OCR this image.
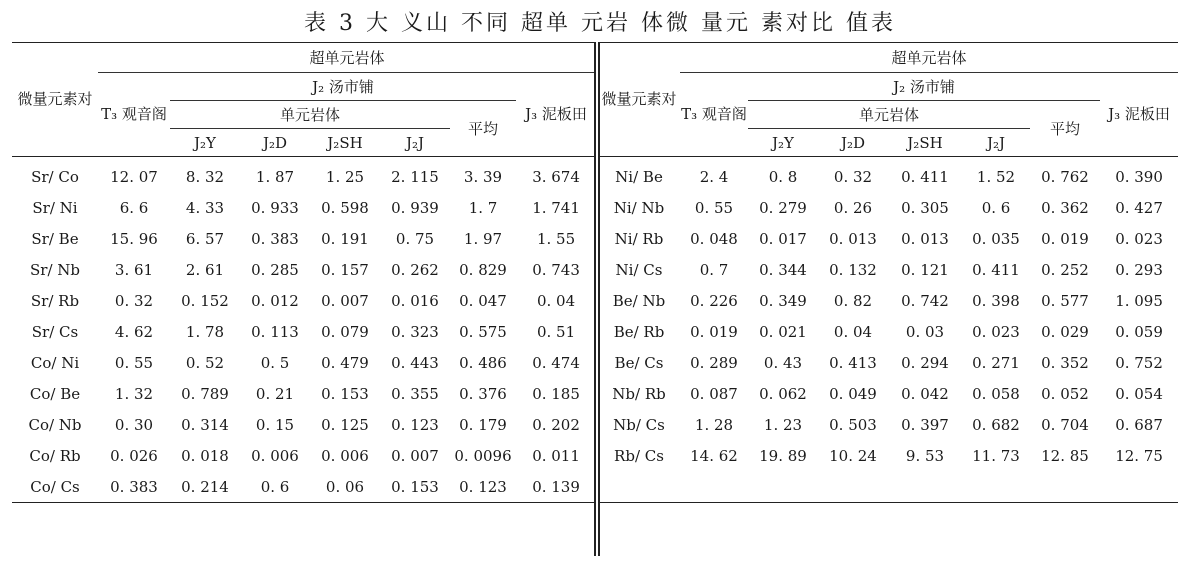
表 3 大 义山 不同 超单 元岩 体微 量元 素对比 值表
微量元素对	超单元岩体						
	T₃ 观音阁	J₂ 汤市铺					J₃ 泥板田
		单元岩体				平均	
		J₂Y	J₂D	J₂SH	J₂J		
Sr/ Co	12. 07	8. 32	1. 87	1. 25	2. 115	3. 39	3. 674
Sr/ Ni	6. 6	4. 33	0. 933	0. 598	0. 939	1. 7	1. 741
Sr/ Be	15. 96	6. 57	0. 383	0. 191	0. 75	1. 97	1. 55
Sr/ Nb	3. 61	2. 61	0. 285	0. 157	0. 262	0. 829	0. 743
Sr/ Rb	0. 32	0. 152	0. 012	0. 007	0. 016	0. 047	0. 04
Sr/ Cs	4. 62	1. 78	0. 113	0. 079	0. 323	0. 575	0. 51
Co/ Ni	0. 55	0. 52	0. 5	0. 479	0. 443	0. 486	0. 474
Co/ Be	1. 32	0. 789	0. 21	0. 153	0. 355	0. 376	0. 185
Co/ Nb	0. 30	0. 314	0. 15	0. 125	0. 123	0. 179	0. 202
Co/ Rb	0. 026	0. 018	0. 006	0. 006	0. 007	0. 0096	0. 011
Co/ Cs	0. 383	0. 214	0. 6	0. 06	0. 153	0. 123	0. 139
微量元素对	超单元岩体						
	T₃ 观音阁	J₂ 汤市铺					J₃ 泥板田
		单元岩体				平均	
		J₂Y	J₂D	J₂SH	J₂J		
Ni/ Be	2. 4	0. 8	0. 32	0. 411	1. 52	0. 762	0. 390
Ni/ Nb	0. 55	0. 279	0. 26	0. 305	0. 6	0. 362	0. 427
Ni/ Rb	0. 048	0. 017	0. 013	0. 013	0. 035	0. 019	0. 023
Ni/ Cs	0. 7	0. 344	0. 132	0. 121	0. 411	0. 252	0. 293
Be/ Nb	0. 226	0. 349	0. 82	0. 742	0. 398	0. 577	1. 095
Be/ Rb	0. 019	0. 021	0. 04	0. 03	0. 023	0. 029	0. 059
Be/ Cs	0. 289	0. 43	0. 413	0. 294	0. 271	0. 352	0. 752
Nb/ Rb	0. 087	0. 062	0. 049	0. 042	0. 058	0. 052	0. 054
Nb/ Cs	1. 28	1. 23	0. 503	0. 397	0. 682	0. 704	0. 687
Rb/ Cs	14. 62	19. 89	10. 24	9. 53	11. 73	12. 85	12. 75
